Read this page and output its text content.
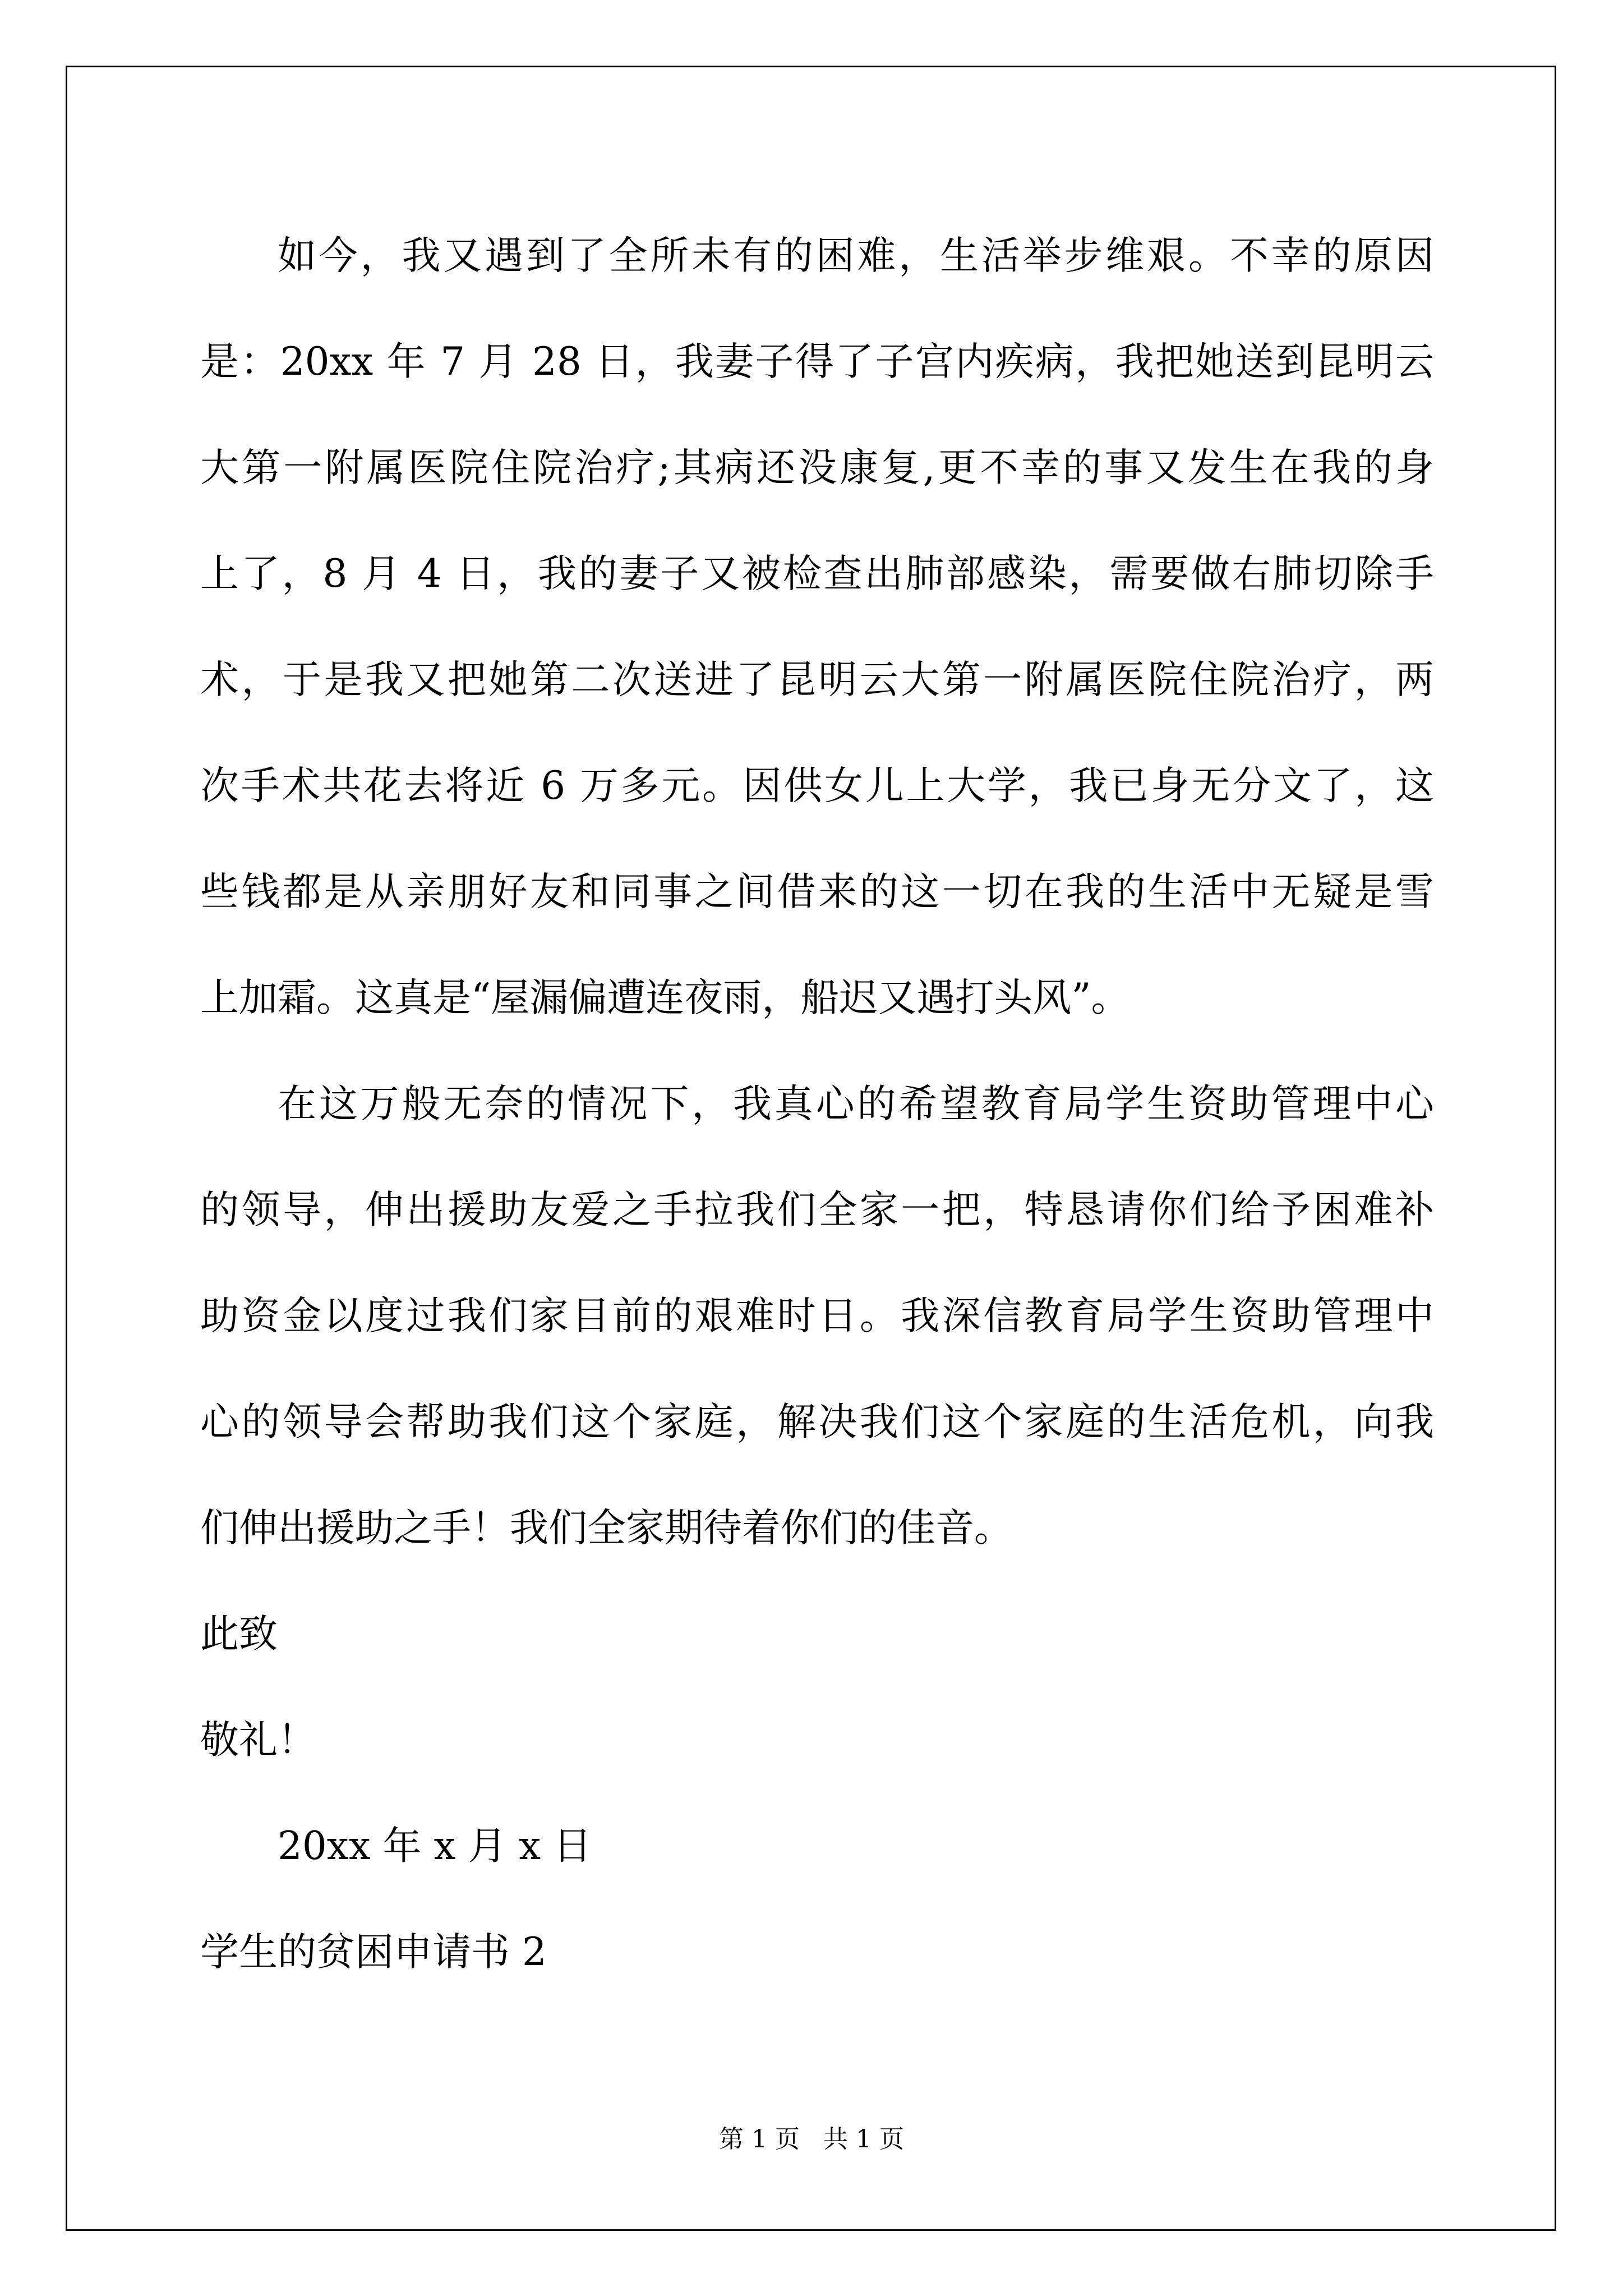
如今，我又遇到了全所未有的困难，生活举步维艰。不幸的原因
是：20xx 年 7 月 28 日，我妻子得了子宫内疾病，我把她送到昆明云
大第一附属医院住院治疗;其病还没康复,更不幸的事又发生在我的身
上了，8 月 4 日，我的妻子又被检查出肺部感染，需要做右肺切除手
术，于是我又把她第二次送进了昆明云大第一附属医院住院治疗，两
次手术共花去将近 6 万多元。因供女儿上大学，我已身无分文了，这
些钱都是从亲朋好友和同事之间借来的这一切在我的生活中无疑是雪
上加霜。这真是“屋漏偏遭连夜雨，船迟又遇打头风”。
在这万般无奈的情况下，我真心的希望教育局学生资助管理中心
的领导，伸出援助友爱之手拉我们全家一把，特恳请你们给予困难补
助资金以度过我们家目前的艰难时日。我深信教育局学生资助管理中
心的领导会帮助我们这个家庭，解决我们这个家庭的生活危机，向我
们伸出援助之手！我们全家期待着你们的佳音。
此致
敬礼！
20xx 年 x 月 x 日
学生的贫困申请书 2
第 1 页   共 1 页
